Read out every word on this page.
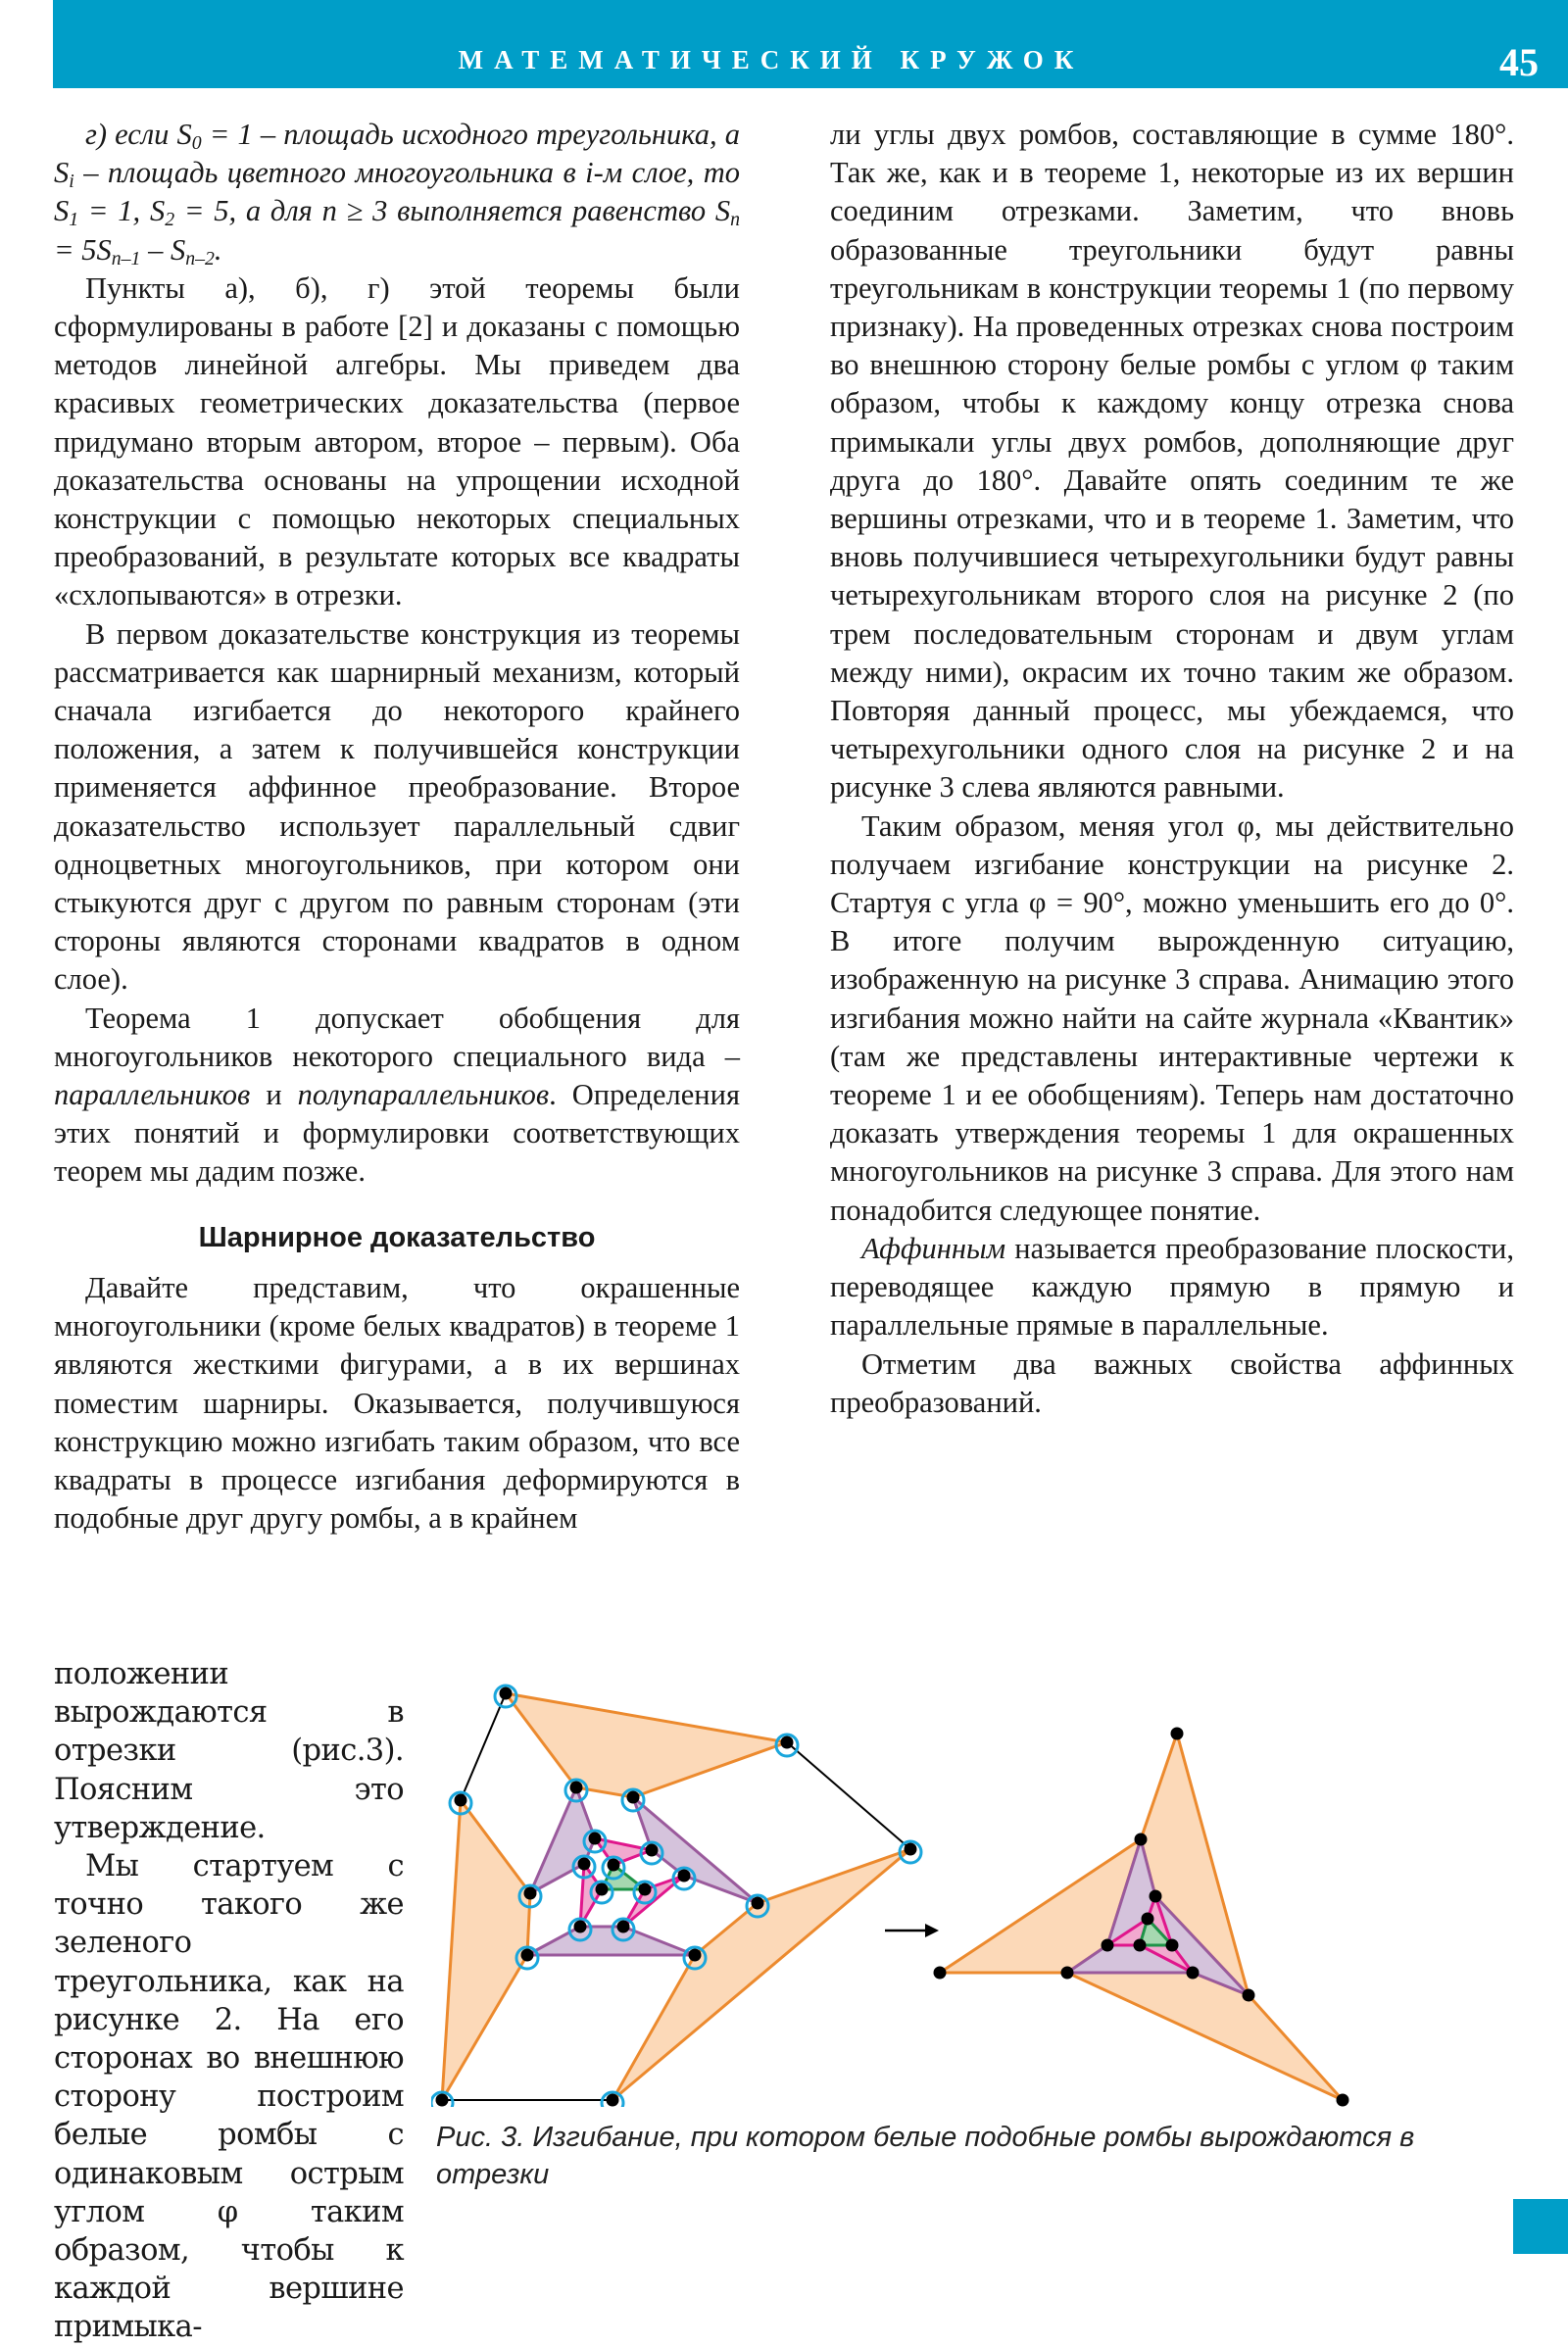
МАТЕМАТИЧЕСКИЙ КРУЖОК	45

г) если $S_0 = 1$ – площадь исходного треугольника, а $S_i$ – площадь цветного многоугольника в i-м слое, то $S_1 = 1$, $S_2 = 5$, а для n ≥ 3 выполняется равенство $S_n = 5S_{n-1} - S_{n-2}$.

Пункты а), б), г) этой теоремы были сформулированы в работе [2] и доказаны с помощью методов линейной алгебры. Мы приведем два красивых геометрических доказательства (первое придумано вторым автором, второе – первым). Оба доказательства основаны на упрощении исходной конструкции с помощью некоторых специальных преобразований, в результате которых все квадраты «схлопываются» в отрезки.

В первом доказательстве конструкция из теоремы рассматривается как шарнирный механизм, который сначала изгибается до некоторого крайнего положения, а затем к получившейся конструкции применяется аффинное преобразование. Второе доказательство использует параллельный сдвиг одноцветных многоугольников, при котором они стыкуются друг с другом по равным сторонам (эти стороны являются сторонами квадратов в одном слое).

Теорема 1 допускает обобщения для многоугольников некоторого специального вида – параллельников и полупараллельников. Определения этих понятий и формулировки соответствующих теорем мы дадим позже.

Шарнирное доказательство

Давайте представим, что окрашенные многоугольники (кроме белых квадратов) в теореме 1 являются жесткими фигурами, а в их вершинах поместим шарниры. Оказывается, получившуюся конструкцию можно изгибать таким образом, что все квадраты в процессе изгибания деформируются в подобные друг другу ромбы, а в крайнем

положении вырождаются в отрезки (рис.3). Поясним это утверждение.

Мы стартуем с точно такого же зеленого треугольника, как на рисунке 2. На его сторонах во внешнюю сторону построим белые ромбы с одинаковым острым углом φ таким образом, чтобы к каждой вершине примыка-

ли углы двух ромбов, составляющие в сумме 180°. Так же, как и в теореме 1, некоторые из их вершин соединим отрезками. Заметим, что вновь образованные треугольники будут равны треугольникам в конструкции теоремы 1 (по первому признаку). На проведенных отрезках снова построим во внешнюю сторону белые ромбы с углом φ таким образом, чтобы к каждому концу отрезка снова примыкали углы двух ромбов, дополняющие друг друга до 180°. Давайте опять соединим те же вершины отрезками, что и в теореме 1. Заметим, что вновь получившиеся четырехугольники будут равны четырехугольникам второго слоя на рисунке 2 (по трем последовательным сторонам и двум углам между ними), окрасим их точно таким же образом. Повторяя данный процесс, мы убеждаемся, что четырехугольники одного слоя на рисунке 2 и на рисунке 3 слева являются равными.

Таким образом, меняя угол φ, мы действительно получаем изгибание конструкции на рисунке 2. Стартуя с угла φ = 90°, можно уменьшить его до 0°. В итоге получим вырожденную ситуацию, изображенную на рисунке 3 справа. Анимацию этого изгибания можно найти на сайте журнала «Квантик» (там же представлены интерактивные чертежи к теореме 1 и ее обобщениям). Теперь нам достаточно доказать утверждения теоремы 1 для окрашенных многоугольников на рисунке 3 справа. Для этого нам понадобится следующее понятие.

Аффинным называется преобразование плоскости, переводящее каждую прямую в прямую и параллельные прямые в параллельные.

Отметим два важных свойства аффинных преобразований.

Рис. 3. Изгибание, при котором белые подобные ромбы вырождаются в отрезки
